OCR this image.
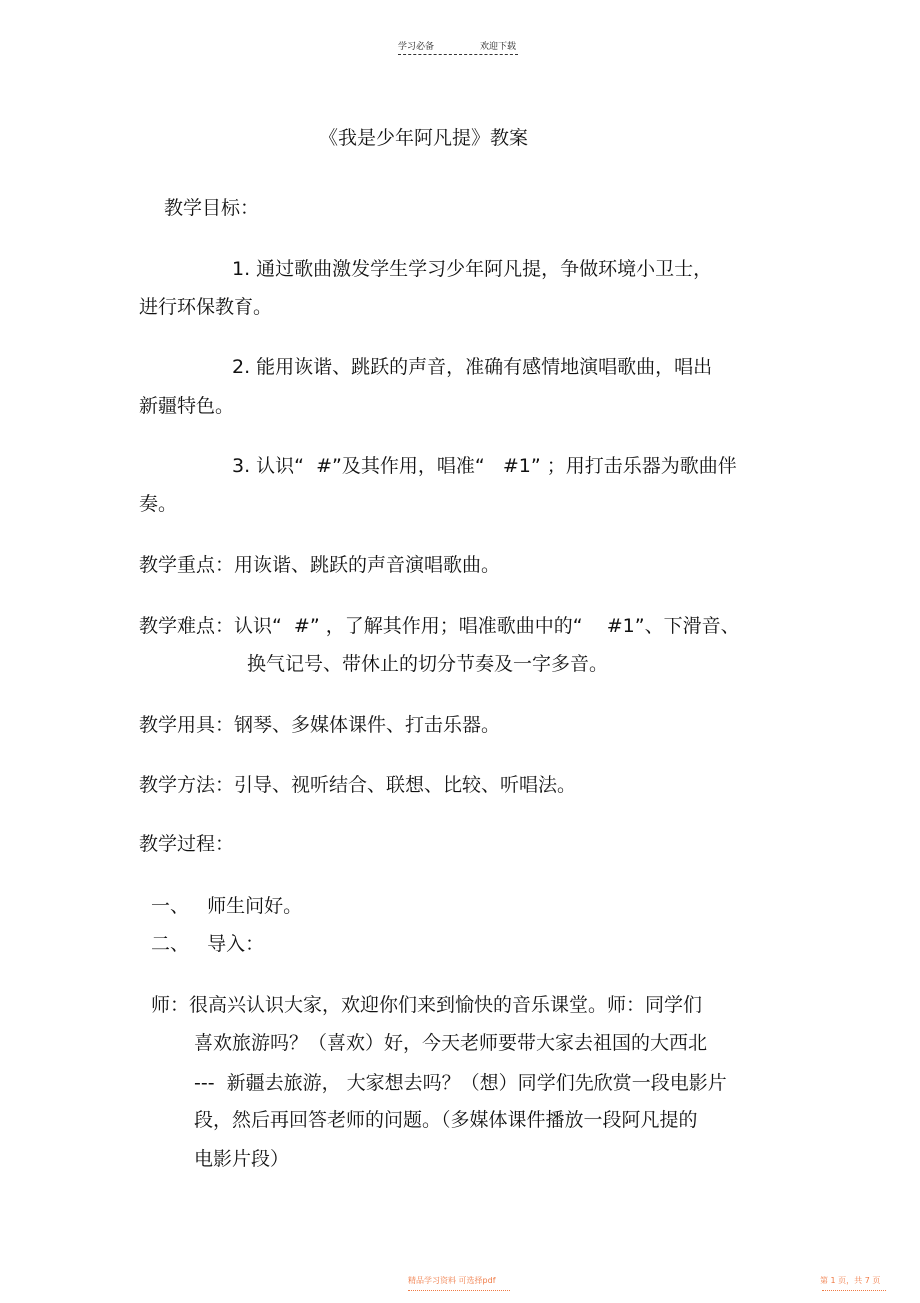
学习必备	欢迎下载
《我是少年阿凡提》教案
教学目标：
1. 通过歌曲激发学生学习少年阿凡提，争做环境小卫士，
进行环保教育。
2. 能用诙谐、跳跃的声音，准确有感情地演唱歌曲，唱出
新疆特色。
3. 认识“  #”及其作用，唱准“   #1” ；用打击乐器为歌曲伴
奏。
教学重点：用诙谐、跳跃的声音演唱歌曲。
教学难点：认识“  #” ，了解其作用；唱准歌曲中的“    #1”、下滑音、
换气记号、带休止的切分节奏及一字多音。
教学用具：钢琴、多媒体课件、打击乐器。
教学方法：引导、视听结合、联想、比较、听唱法。
教学过程：
一、   师生问好。
二、   导入：
师：很高兴认识大家，欢迎你们来到愉快的音乐课堂。师：同学们
喜欢旅游吗？（喜欢）好，今天老师要带大家去祖国的大西北
---  新疆去旅游， 大家想去吗？（想）同学们先欣赏一段电影片
段，然后再回答老师的问题。（多媒体课件播放一段阿凡提的
电影片段）
精品学习资料 可选择pdf	第 1 页，共 7 页
